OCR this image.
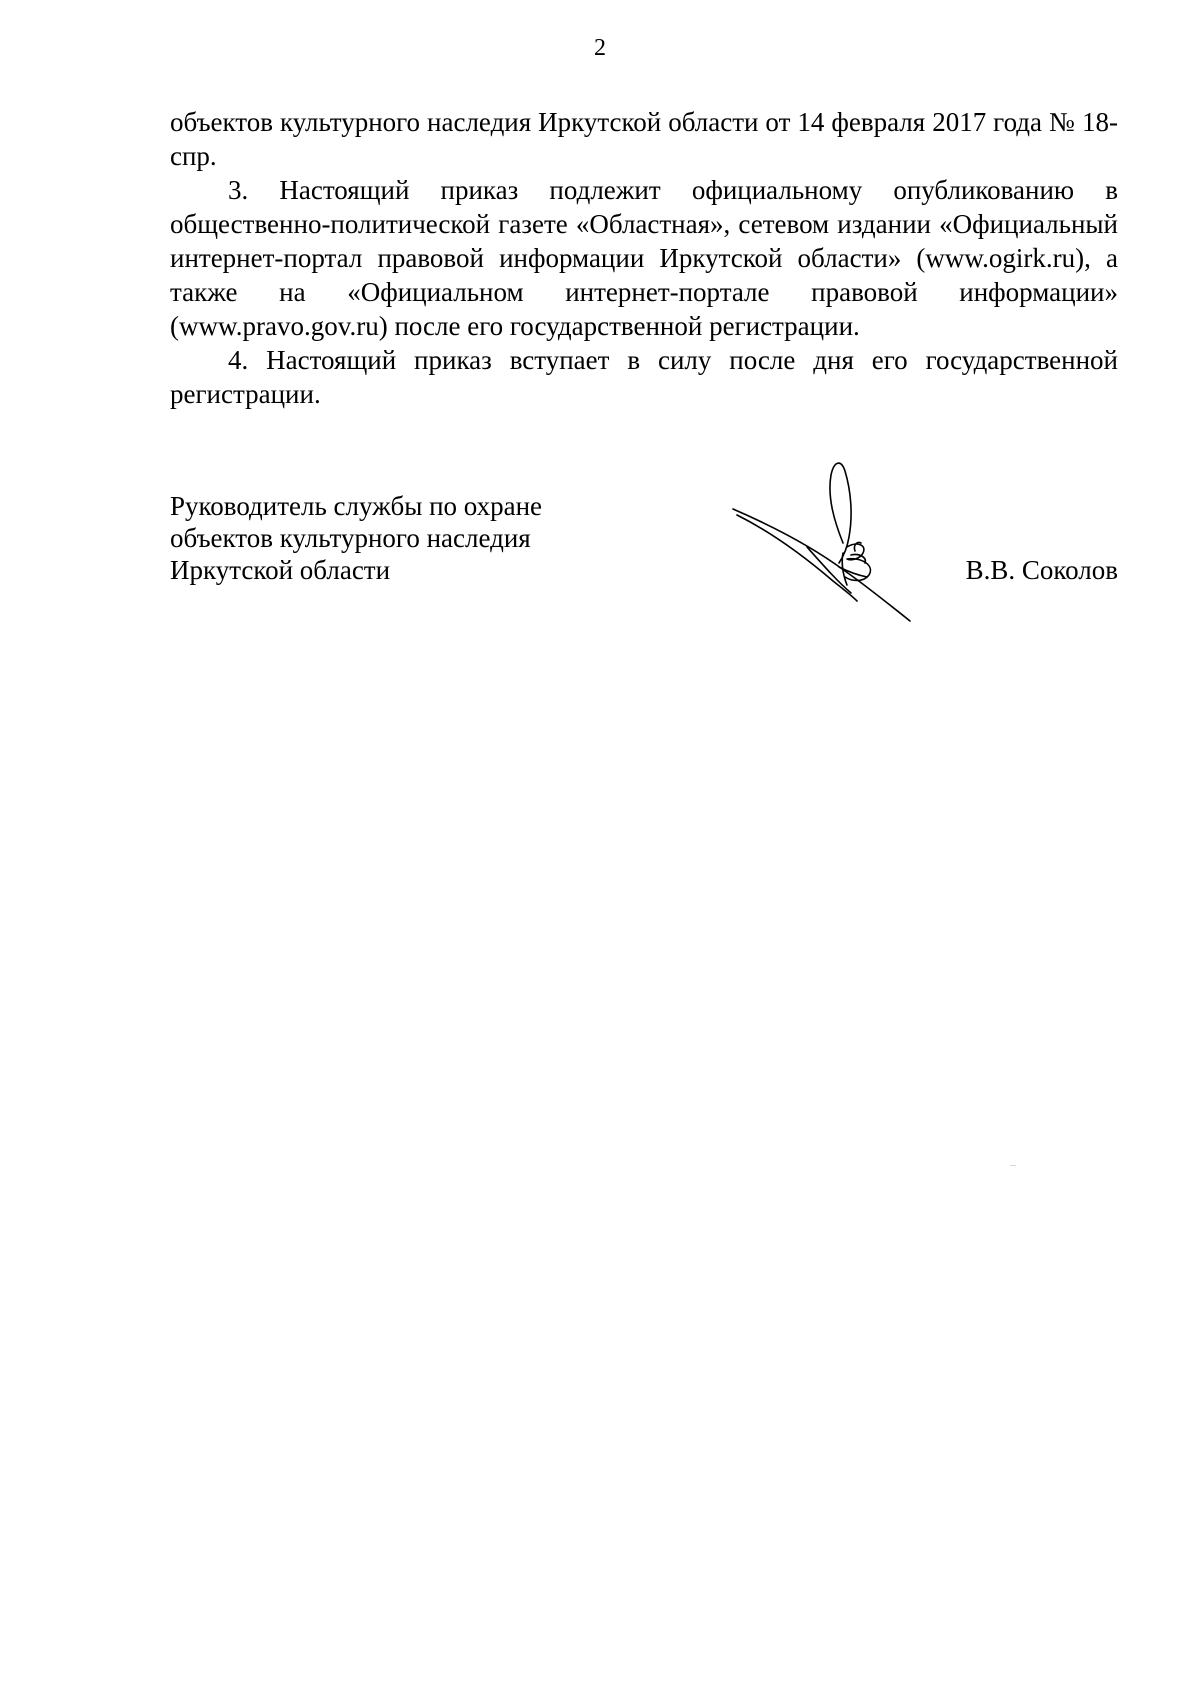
2

объектов культурного наследия Иркутской области от 14 февраля 2017 года № 18-спр.

3. Настоящий приказ подлежит официальному опубликованию в общественно-политической газете «Областная», сетевом издании «Официальный интернет-портал правовой информации Иркутской области» (www.ogirk.ru), а также на «Официальном интернет-портале правовой информации» (www.pravo.gov.ru) после его государственной регистрации.

4. Настоящий приказ вступает в силу после дня его государственной регистрации.

Руководитель службы по охране
объектов культурного наследия
Иркутской области	В.В. Соколов
